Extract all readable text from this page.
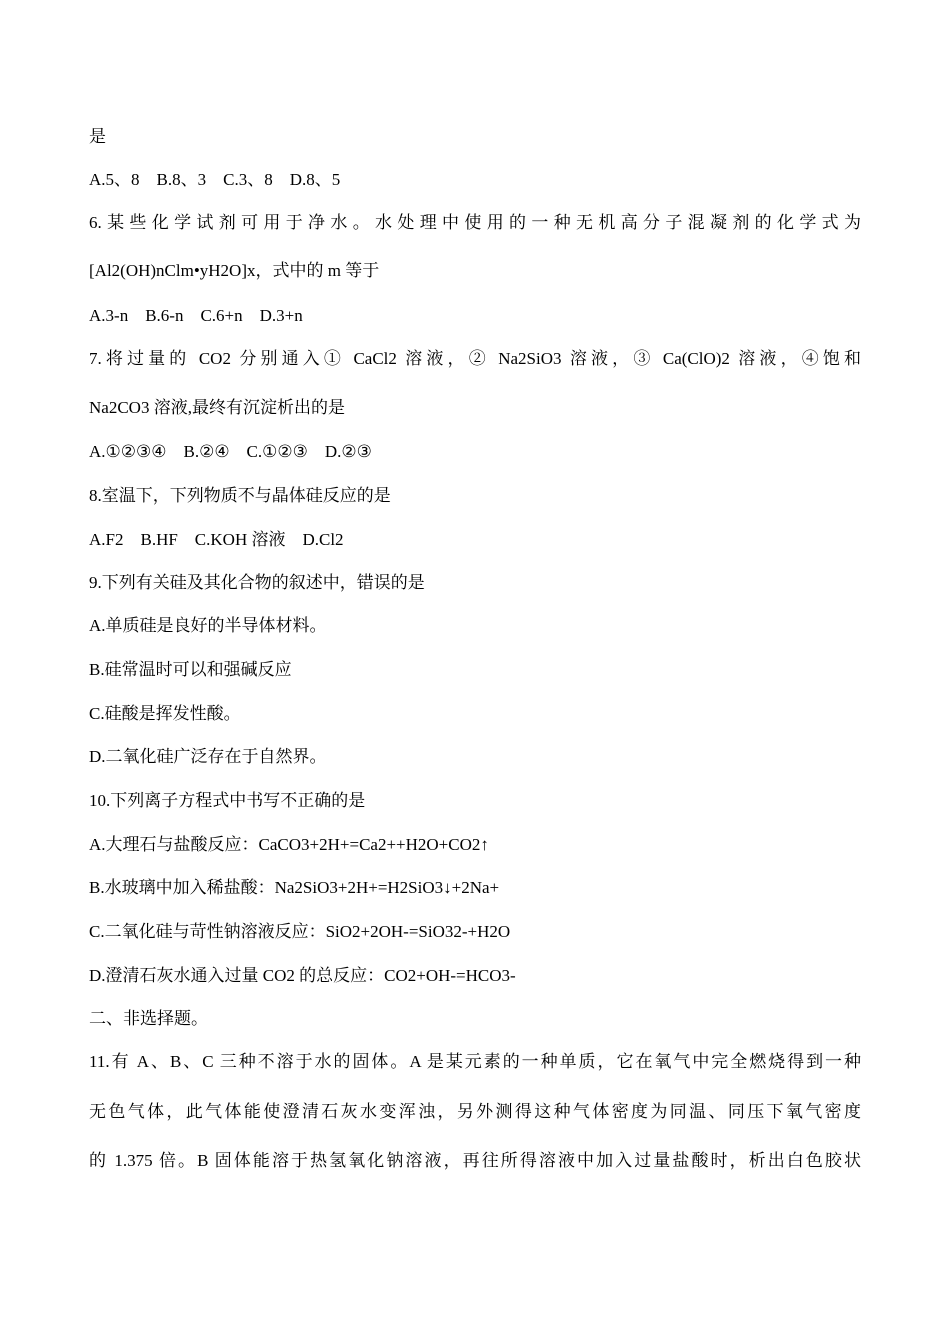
是
A.5、8　B.8、3　C.3、8　D.8、5
6.某些化学试剂可用于净水。水处理中使用的一种无机高分子混凝剂的化学式为
[Al2(OH)nClm•yH2O]x，式中的 m 等于
A.3-n　B.6-n　C.6+n　D.3+n
7.将过量的 CO2 分别通入① CaCl2 溶液，② Na2SiO3 溶液，③ Ca(ClO)2 溶液，④饱和
Na2CO3 溶液,最终有沉淀析出的是
A.①②③④　B.②④　C.①②③　D.②③
8.室温下，下列物质不与晶体硅反应的是
A.F2　B.HF　C.KOH 溶液　D.Cl2
9.下列有关硅及其化合物的叙述中，错误的是
A.单质硅是良好的半导体材料。
B.硅常温时可以和强碱反应
C.硅酸是挥发性酸。
D.二氧化硅广泛存在于自然界。
10.下列离子方程式中书写不正确的是
A.大理石与盐酸反应：CaCO3+2H+=Ca2++H2O+CO2↑
B.水玻璃中加入稀盐酸：Na2SiO3+2H+=H2SiO3↓+2Na+
C.二氧化硅与苛性钠溶液反应：SiO2+2OH-=SiO32-+H2O
D.澄清石灰水通入过量 CO2 的总反应：CO2+OH-=HCO3-
二、非选择题。
11.有 A、B、C 三种不溶于水的固体。A 是某元素的一种单质，它在氧气中完全燃烧得到一种
无色气体，此气体能使澄清石灰水变浑浊，另外测得这种气体密度为同温、同压下氧气密度
的 1.375 倍。B 固体能溶于热氢氧化钠溶液，再往所得溶液中加入过量盐酸时，析出白色胶状
